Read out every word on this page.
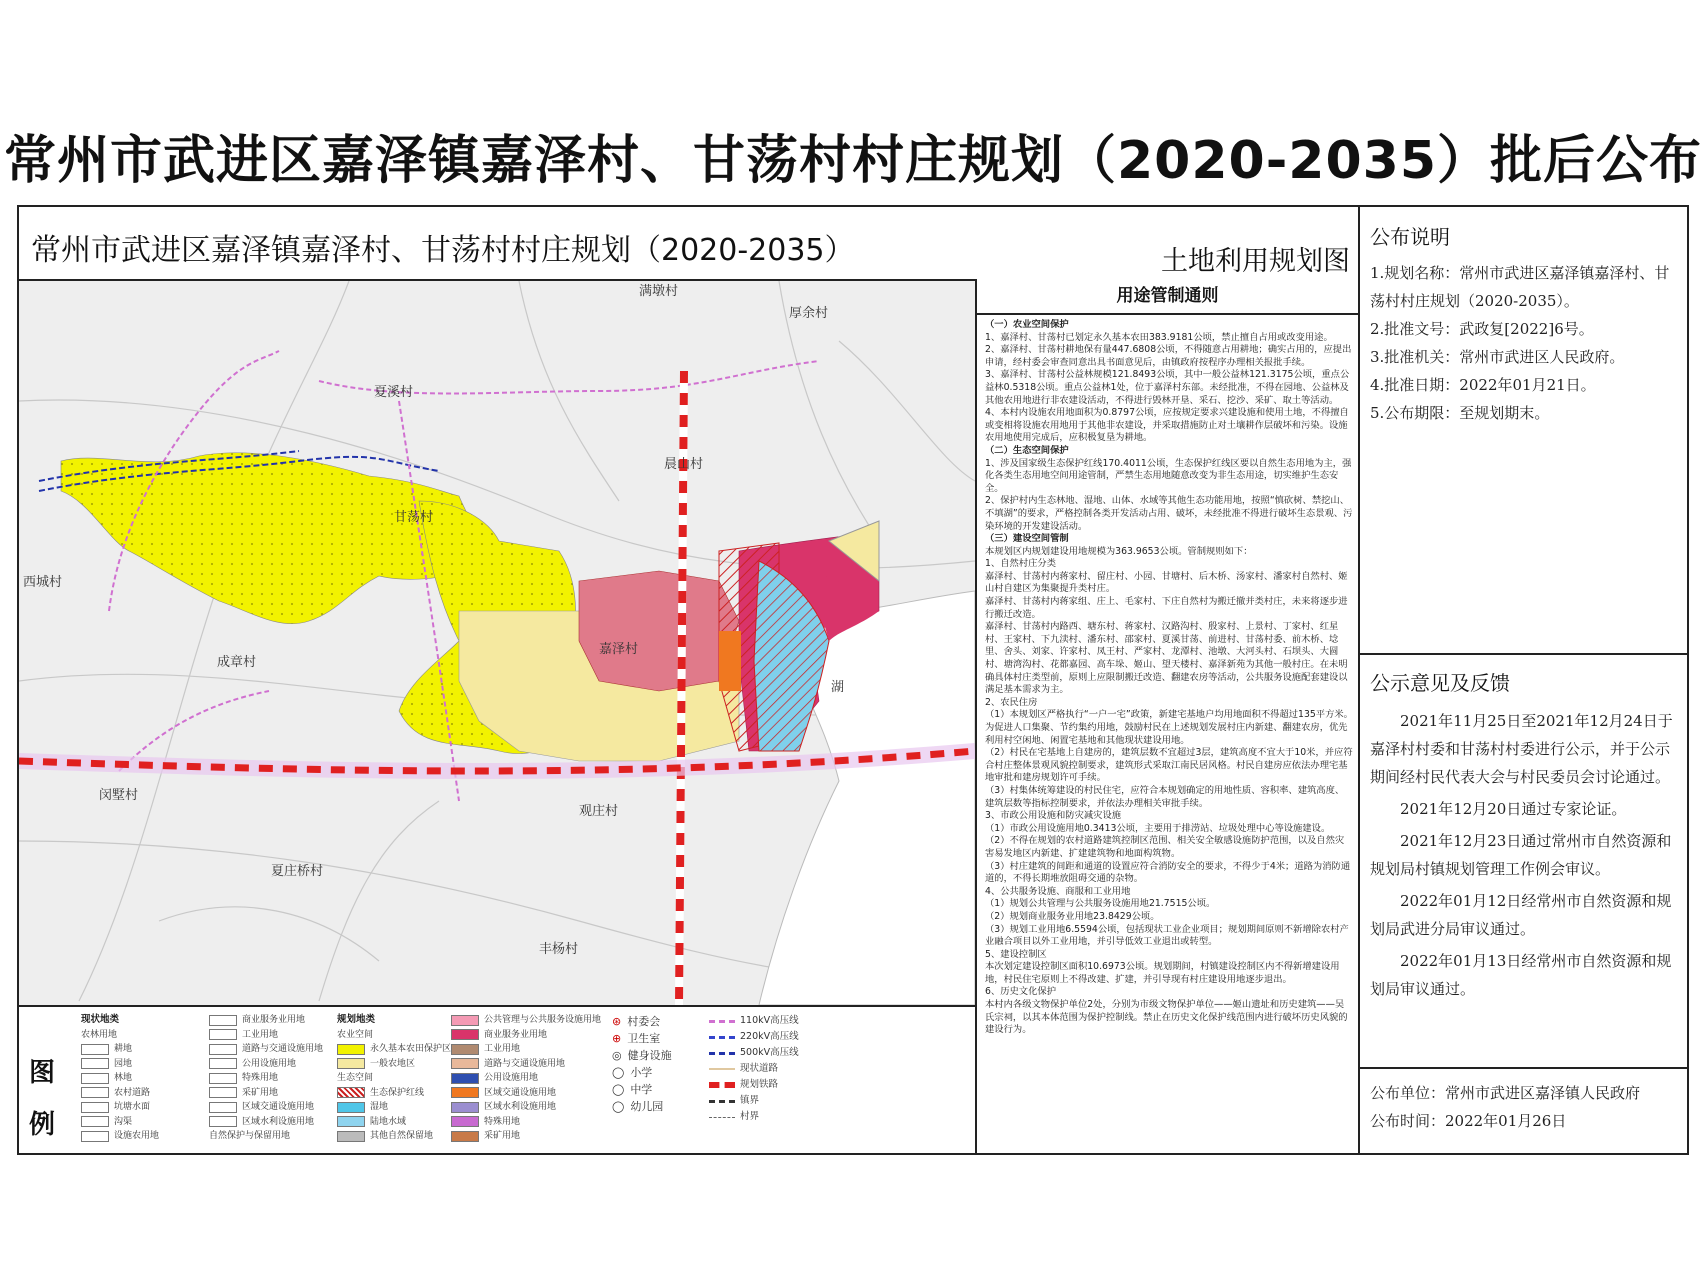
常州市武进区嘉泽镇嘉泽村、甘荡村村庄规划（2020-2035）批后公布
常州市武进区嘉泽镇嘉泽村、甘荡村村庄规划（2020-2035）	土地利用规划图
满墩村
厚余村
夏溪村
晨山村
甘荡村
西城村
嘉泽村
成章村
闵墅村
观庄村
夏庄桥村
丰杨村
湖
图例
现状地类
农林用地
耕地
园地
林地
农村道路
坑塘水面
沟渠
设施农用地
商业服务业用地
工业用地
道路与交通设施用地
公用设施用地
特殊用地
采矿用地
区域交通设施用地
区域水利设施用地
自然保护与保留用地
规划地类
农业空间
永久基本农田保护区
一般农地区
生态空间
生态保护红线
湿地
陆地水域
其他自然保留地
公共管理与公共服务设施用地
商业服务业用地
工业用地
道路与交通设施用地
公用设施用地
区域交通设施用地
区域水利设施用地
特殊用地
采矿用地
⊛ 村委会
⊕ 卫生室
◎ 健身设施
◯ 小学
◯ 中学
◯ 幼儿园
110kV高压线
220kV高压线
500kV高压线
现状道路
规划铁路
镇界
村界
用途管制通则
（一）农业空间保护
1、嘉泽村、甘荡村已划定永久基本农田383.9181公顷，禁止擅自占用或改变用途。
2、嘉泽村、甘荡村耕地保有量447.6808公顷，不得随意占用耕地；确实占用的，应提出申请，经村委会审查同意出具书面意见后，由镇政府按程序办理相关报批手续。
3、嘉泽村、甘荡村公益林规模121.8493公顷，其中一般公益林121.3175公顷，重点公益林0.5318公顷。重点公益林1处，位于嘉泽村东部。未经批准，不得在园地、公益林及其他农用地进行非农建设活动，不得进行毁林开垦、采石、挖沙、采矿、取土等活动。
4、本村内设施农用地面积为0.8797公顷，应按规定要求兴建设施和使用土地，不得擅自或变相将设施农用地用于其他非农建设，并采取措施防止对土壤耕作层破坏和污染。设施农用地使用完成后，应积极复垦为耕地。
（二）生态空间保护
1、涉及国家级生态保护红线170.4011公顷，生态保护红线区要以自然生态用地为主，强化各类生态用地空间用途管制，严禁生态用地随意改变为非生态用途，切实维护生态安全。
2、保护村内生态林地、湿地、山体、水域等其他生态功能用地，按照“慎砍树、禁挖山、不填湖”的要求，严格控制各类开发活动占用、破坏，未经批准不得进行破坏生态景观、污染环境的开发建设活动。
（三）建设空间管制
本规划区内规划建设用地规模为363.9653公顷。管制规则如下：
1、自然村庄分类
嘉泽村、甘荡村内蒋家村、留庄村、小园、甘塘村、后木桥、汤家村、潘家村自然村、姬山村自建区为集聚提升类村庄。
嘉泽村、甘荡村内蒋家组、庄上、毛家村、下庄自然村为搬迁撤并类村庄，未来将逐步进行搬迁改造。
嘉泽村、甘荡村内路西、塘东村、蒋家村、汉路沟村、殷家村、上景村、丁家村、红星村、王家村、下九渎村、潘东村、邵家村、夏溪甘荡、前进村、甘荡村委、前木桥、埝里、舍头、刘家、许家村、凤王村、严家村、龙潭村、池墩、大河头村、石坝头、大圆村、塘湾沟村、花都嘉园、高车垛、姬山、望天楼村、嘉泽新苑为其他一般村庄。在未明确具体村庄类型前，原则上应限制搬迁改造、翻建农房等活动，公共服务设施配套建设以满足基本需求为主。
2、农民住房
（1）本规划区严格执行“一户一宅”政策，新建宅基地户均用地面积不得超过135平方米。为促进人口集聚、节约集约用地，鼓励村民在上述规划发展村庄内新建、翻建农房，优先利用村空闲地、闲置宅基地和其他现状建设用地。
（2）村民在宅基地上自建房的，建筑层数不宜超过3层，建筑高度不宜大于10米，并应符合村庄整体景观风貌控制要求，建筑形式采取江南民居风格。村民自建房应依法办理宅基地审批和建房规划许可手续。
（3）村集体统筹建设的村民住宅，应符合本规划确定的用地性质、容积率、建筑高度、建筑层数等指标控制要求，并依法办理相关审批手续。
3、市政公用设施和防灾减灾设施
（1）市政公用设施用地0.3413公顷，主要用于排涝站、垃圾处理中心等设施建设。
（2）不得在规划的农村道路建筑控制区范围、相关安全敏感设施防护范围，以及自然灾害易发地区内新建、扩建建筑物和地面构筑物。
（3）村庄建筑的间距和通道的设置应符合消防安全的要求，不得少于4米；道路为消防通道的，不得长期堆放阻碍交通的杂物。
4、公共服务设施、商服和工业用地
（1）规划公共管理与公共服务设施用地21.7515公顷。
（2）规划商业服务业用地23.8429公顷。
（3）规划工业用地6.5594公顷，包括现状工业企业项目；规划期间原则不新增除农村产业融合项目以外工业用地，并引导低效工业退出或转型。
5、建设控制区
本次划定建设控制区面积10.6973公顷。规划期间，村镇建设控制区内不得新增建设用地，村民住宅原则上不得改建、扩建，并引导现有村庄建设用地逐步退出。
6、历史文化保护
本村内各级文物保护单位2处，分别为市级文物保护单位——姬山遗址和历史建筑——吴氏宗祠，以其本体范围为保护控制线。禁止在历史文化保护线范围内进行破坏历史风貌的建设行为。
公布说明
1.规划名称：常州市武进区嘉泽镇嘉泽村、甘荡村村庄规划（2020-2035）。
2.批准文号：武政复[2022]6号。
3.批准机关：常州市武进区人民政府。
4.批准日期：2022年01月21日。
5.公布期限：至规划期末。
公示意见及反馈

2021年11月25日至2021年12月24日于嘉泽村村委和甘荡村村委进行公示，并于公示期间经村民代表大会与村民委员会讨论通过。

2021年12月20日通过专家论证。

2021年12月23日通过常州市自然资源和规划局村镇规划管理工作例会审议。

2022年01月12日经常州市自然资源和规划局武进分局审议通过。

2022年01月13日经常州市自然资源和规划局审议通过。

公布单位：常州市武进区嘉泽镇人民政府
公布时间：2022年01月26日
